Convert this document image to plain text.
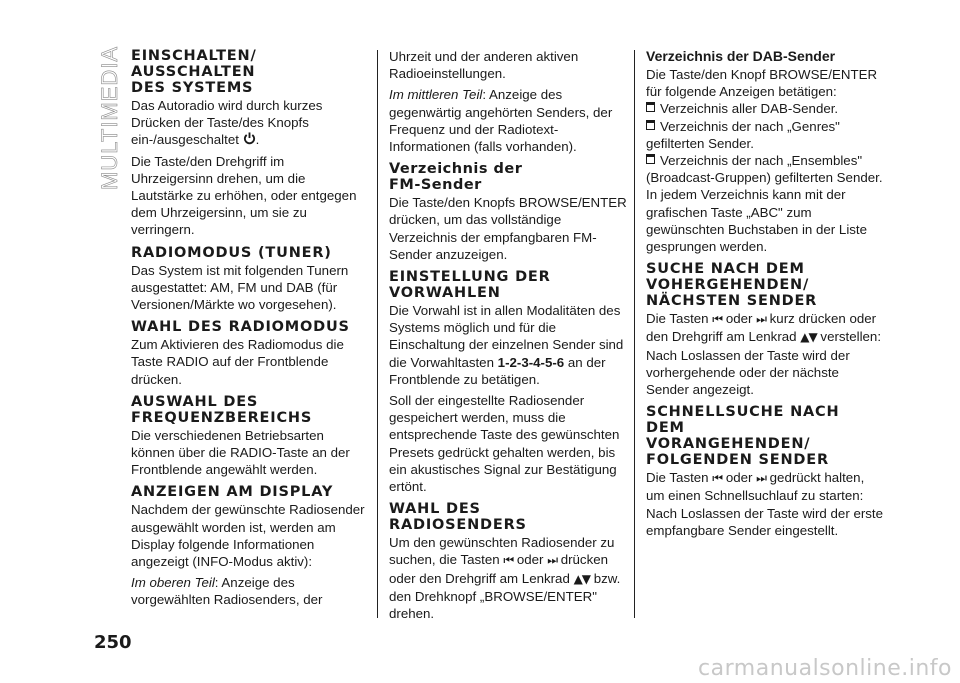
MULTIMEDIA EINSCHALTEN/
AUSSCHALTEN
DES SYSTEMS

Das Autoradio wird durch kurzes Drücken der Taste/des Knopfs ein-/ausgeschaltet .

Die Taste/den Drehgriff im Uhrzeigersinn drehen, um die Lautstärke zu erhöhen, oder entgegen dem Uhrzeigersinn, um sie zu verringern.

RADIOMODUS (TUNER)

Das System ist mit folgenden Tunern ausgestattet: AM, FM und DAB (für Versionen/Märkte wo vorgesehen).

WAHL DES RADIOMODUS

Zum Aktivieren des Radiomodus die Taste RADIO auf der Frontblende drücken.

AUSWAHL DES
FREQUENZBEREICHS

Die verschiedenen Betriebsarten können über die RADIO-Taste an der Frontblende angewählt werden.

ANZEIGEN AM DISPLAY

Nachdem der gewünschte Radiosender ausgewählt worden ist, werden am Display folgende Informationen angezeigt (INFO-Modus aktiv):

Im oberen Teil: Anzeige des vorgewählten Radiosenders, der

Uhrzeit und der anderen aktiven Radioeinstellungen.

Im mittleren Teil: Anzeige des gegenwärtig angehörten Senders, der Frequenz und der Radiotext-Informationen (falls vorhanden).

Verzeichnis der
FM-Sender

Die Taste/den Knopfs BROWSE/ENTER drücken, um das vollständige Verzeichnis der empfangbaren FM-Sender anzuzeigen.

EINSTELLUNG DER
VORWAHLEN

Die Vorwahl ist in allen Modalitäten des Systems möglich und für die Einschaltung der einzelnen Sender sind die Vorwahltasten 1-2-3-4-5-6 an der Frontblende zu betätigen.

Soll der eingestellte Radiosender gespeichert werden, muss die entsprechende Taste des gewünschten Presets gedrückt gehalten werden, bis ein akustisches Signal zur Bestätigung ertönt.

WAHL DES
RADIOSENDERS

Um den gewünschten Radiosender zu suchen, die Tasten ⏮ oder ⏭ drücken oder den Drehgriff am Lenkrad ▲▼ bzw. den Drehknopf „BROWSE/ENTER" drehen.

Verzeichnis der DAB-Sender

Die Taste/den Knopf BROWSE/ENTER für folgende Anzeigen betätigen:

Verzeichnis aller DAB-Sender.
Verzeichnis der nach „Genres" gefilterten Sender.
Verzeichnis der nach „Ensembles" (Broadcast-Gruppen) gefilterten Sender.

In jedem Verzeichnis kann mit der grafischen Taste „ABC" zum gewünschten Buchstaben in der Liste gesprungen werden.

SUCHE NACH DEM
VOHERGEHENDEN/
NÄCHSTEN SENDER

Die Tasten ⏮ oder ⏭ kurz drücken oder den Drehgriff am Lenkrad ▲▼ verstellen: Nach Loslassen der Taste wird der vorhergehende oder der nächste Sender angezeigt.

SCHNELLSUCHE NACH
DEM
VORANGEHENDEN/
FOLGENDEN SENDER

Die Tasten ⏮ oder ⏭ gedrückt halten, um einen Schnellsuchlauf zu starten: Nach Loslassen der Taste wird der erste empfangbare Sender eingestellt.

250
carmanualsonline.info
